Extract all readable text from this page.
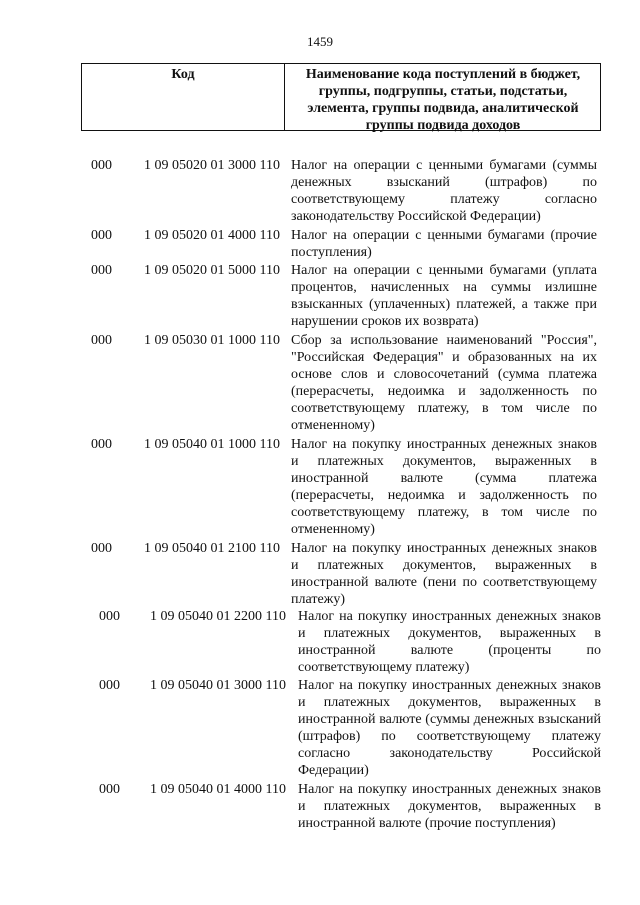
1459
Код	Наименование кода поступлений в бюджет, группы, подгруппы, статьи, подстатьи, элемента, группы подвида, аналитической группы подвида доходов
000 1 09 05020 01 3000 110 Налог на операции с ценными бумагами (суммы денежных взысканий (штрафов) по соответствующему платежу согласно законодательству Российской Федерации)
000 1 09 05020 01 4000 110 Налог на операции с ценными бумагами (прочие поступления)
000 1 09 05020 01 5000 110 Налог на операции с ценными бумагами (уплата процентов, начисленных на суммы излишне взысканных (уплаченных) платежей, а также при нарушении сроков их возврата)
000 1 09 05030 01 1000 110 Сбор за использование наименований "Россия", "Российская Федерация" и образованных на их основе слов и словосочетаний (сумма платежа (перерасчеты, недоимка и задолженность по соответствующему платежу, в том числе по отмененному)
000 1 09 05040 01 1000 110 Налог на покупку иностранных денежных знаков и платежных документов, выраженных в иностранной валюте (сумма платежа (перерасчеты, недоимка и задолженность по соответствующему платежу, в том числе по отмененному)
000 1 09 05040 01 2100 110 Налог на покупку иностранных денежных знаков и платежных документов, выраженных в иностранной валюте (пени по соответствующему платежу)
000 1 09 05040 01 2200 110 Налог на покупку иностранных денежных знаков и платежных документов, выраженных в иностранной валюте (проценты по соответствующему платежу)
000 1 09 05040 01 3000 110 Налог на покупку иностранных денежных знаков и платежных документов, выраженных в иностранной валюте (суммы денежных взысканий (штрафов) по соответствующему платежу согласно законодательству Российской Федерации)
000 1 09 05040 01 4000 110 Налог на покупку иностранных денежных знаков и платежных документов, выраженных в иностранной валюте (прочие поступления)
